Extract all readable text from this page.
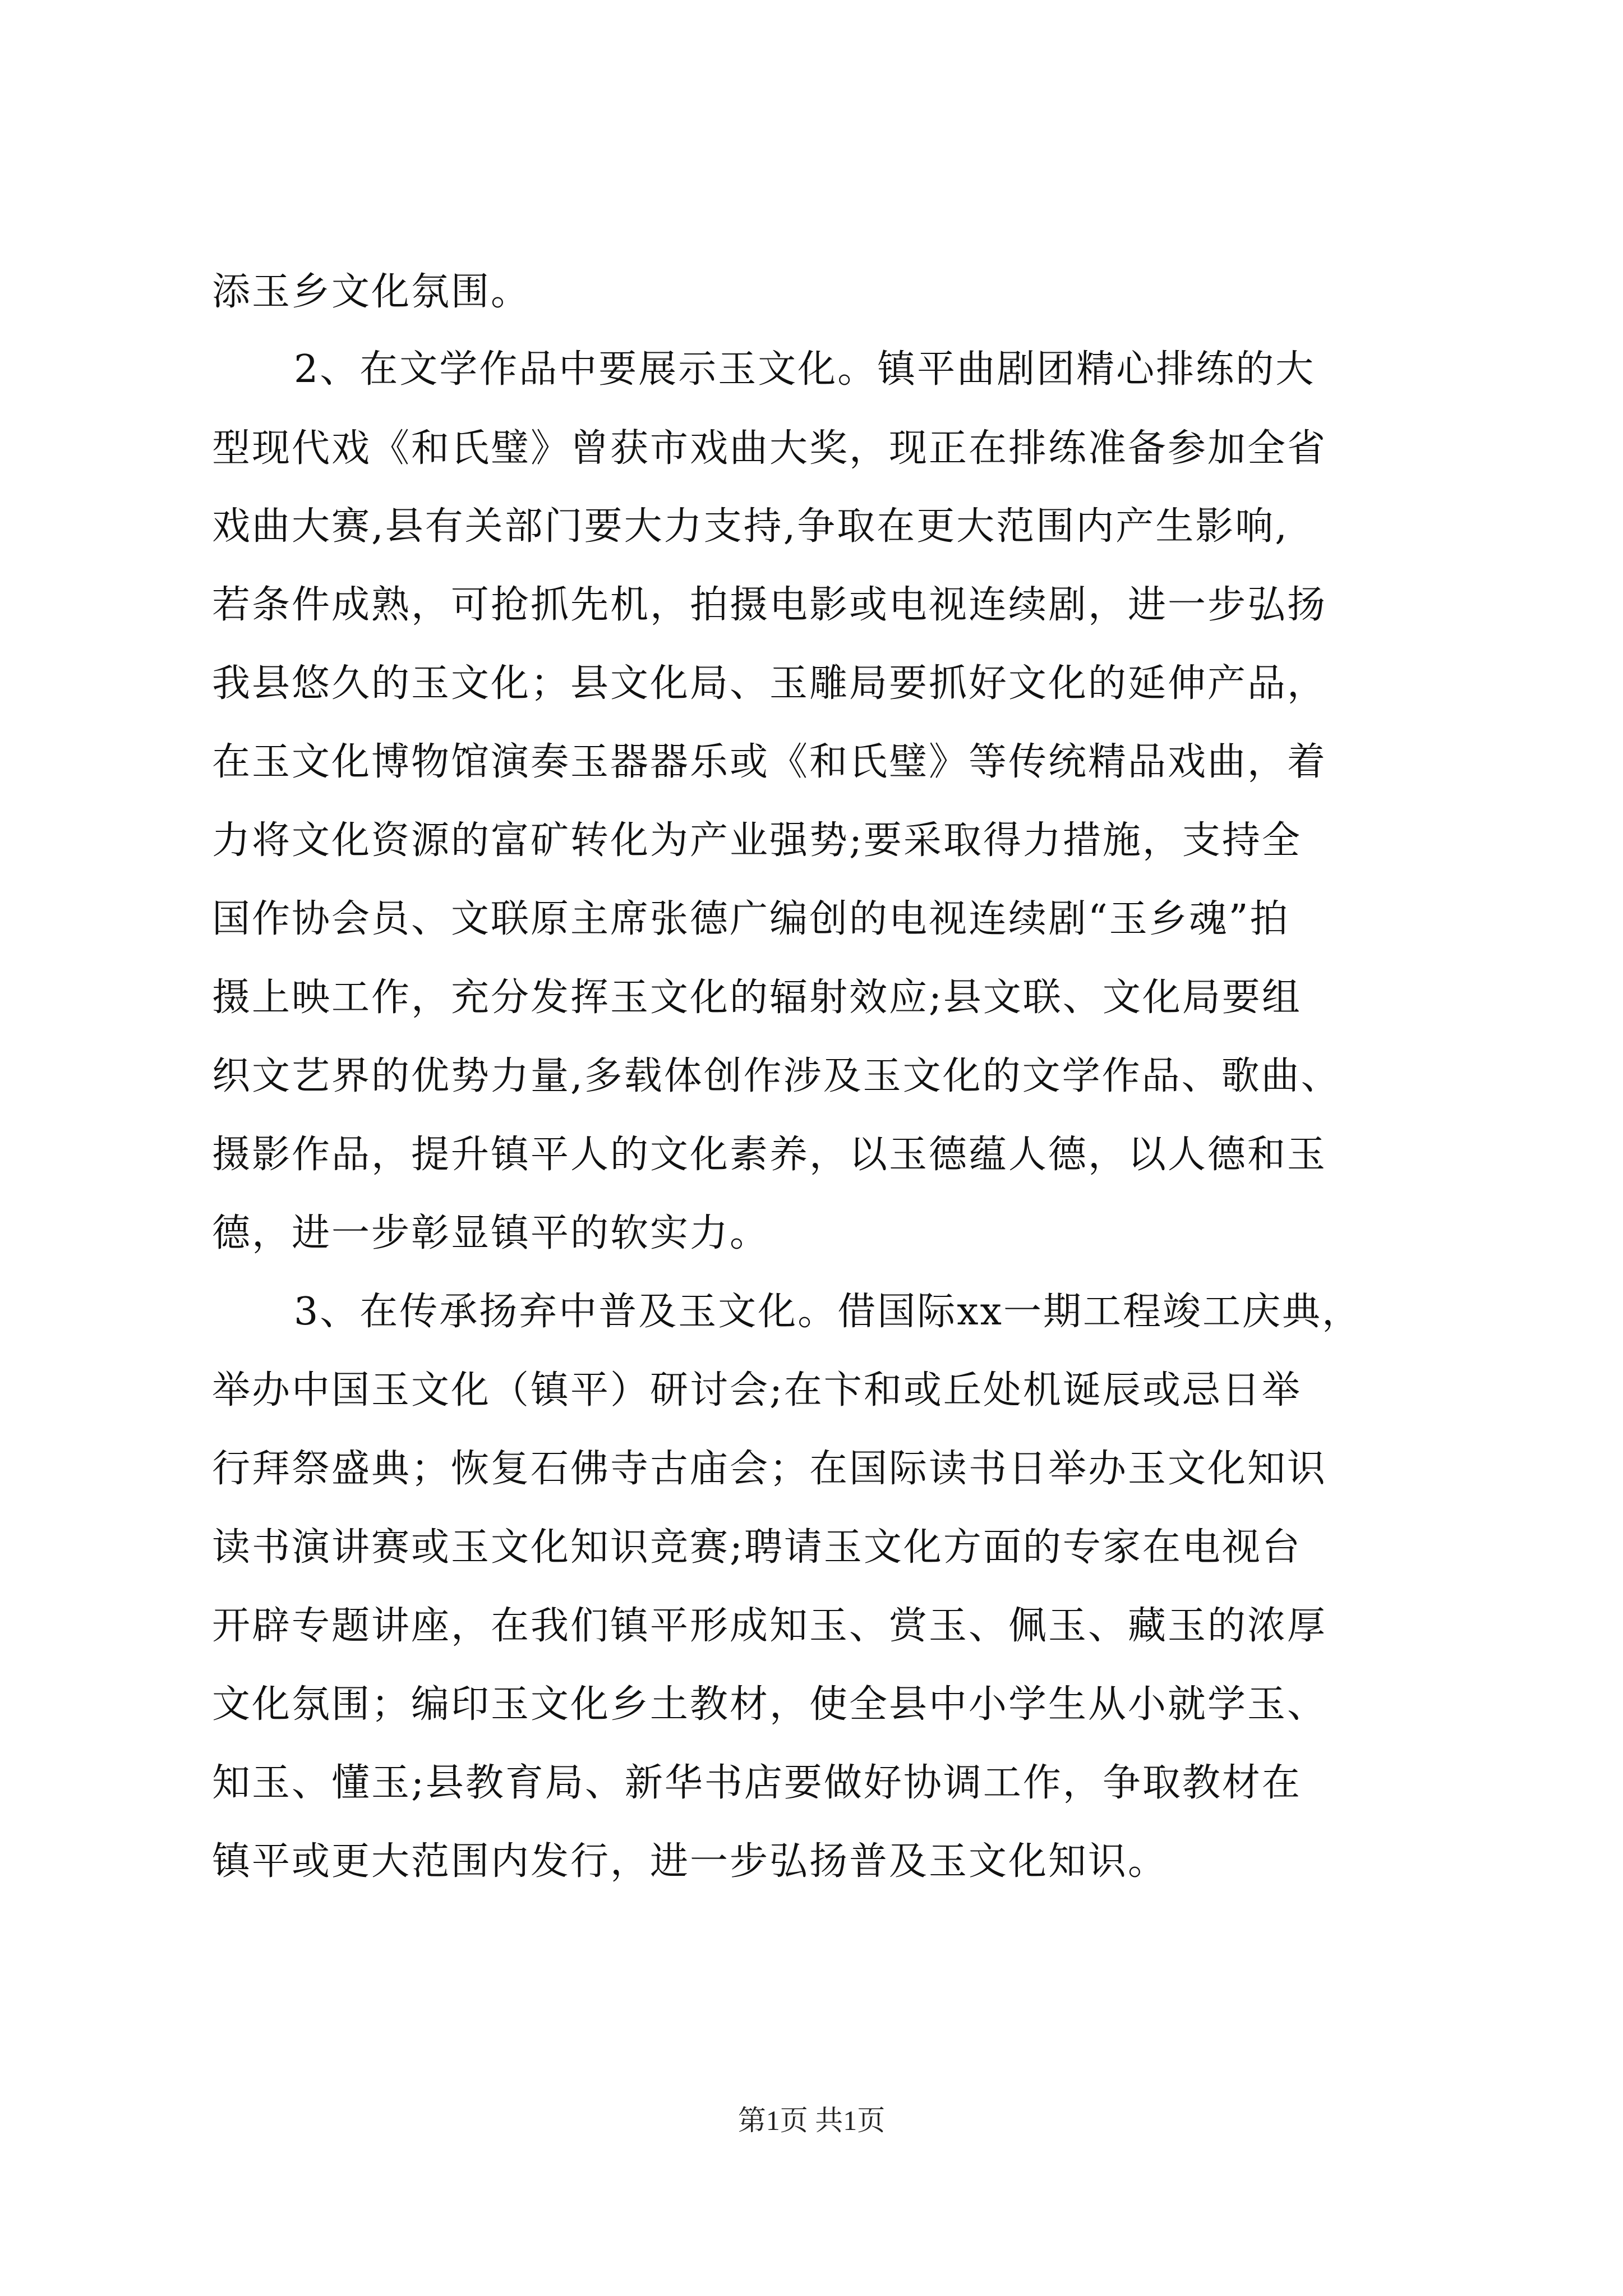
添玉乡文化氛围。
2、在文学作品中要展示玉文化。镇平曲剧团精心排练的大
型现代戏《和氏璧》曾获市戏曲大奖，现正在排练准备参加全省
戏曲大赛,县有关部门要大力支持,争取在更大范围内产生影响,
若条件成熟，可抢抓先机，拍摄电影或电视连续剧，进一步弘扬
我县悠久的玉文化；县文化局、玉雕局要抓好文化的延伸产品，
在玉文化博物馆演奏玉器器乐或《和氏璧》等传统精品戏曲，着
力将文化资源的富矿转化为产业强势;要采取得力措施，支持全
国作协会员、文联原主席张德广编创的电视连续剧“玉乡魂”拍
摄上映工作，充分发挥玉文化的辐射效应;县文联、文化局要组
织文艺界的优势力量,多载体创作涉及玉文化的文学作品、歌曲、
摄影作品，提升镇平人的文化素养，以玉德蕴人德，以人德和玉
德，进一步彰显镇平的软实力。
3、在传承扬弃中普及玉文化。借国际xx一期工程竣工庆典，
举办中国玉文化（镇平）研讨会;在卞和或丘处机诞辰或忌日举
行拜祭盛典；恢复石佛寺古庙会；在国际读书日举办玉文化知识
读书演讲赛或玉文化知识竞赛;聘请玉文化方面的专家在电视台
开辟专题讲座，在我们镇平形成知玉、赏玉、佩玉、藏玉的浓厚
文化氛围；编印玉文化乡土教材，使全县中小学生从小就学玉、
知玉、懂玉;县教育局、新华书店要做好协调工作，争取教材在
镇平或更大范围内发行，进一步弘扬普及玉文化知识。
第1页 共1页
